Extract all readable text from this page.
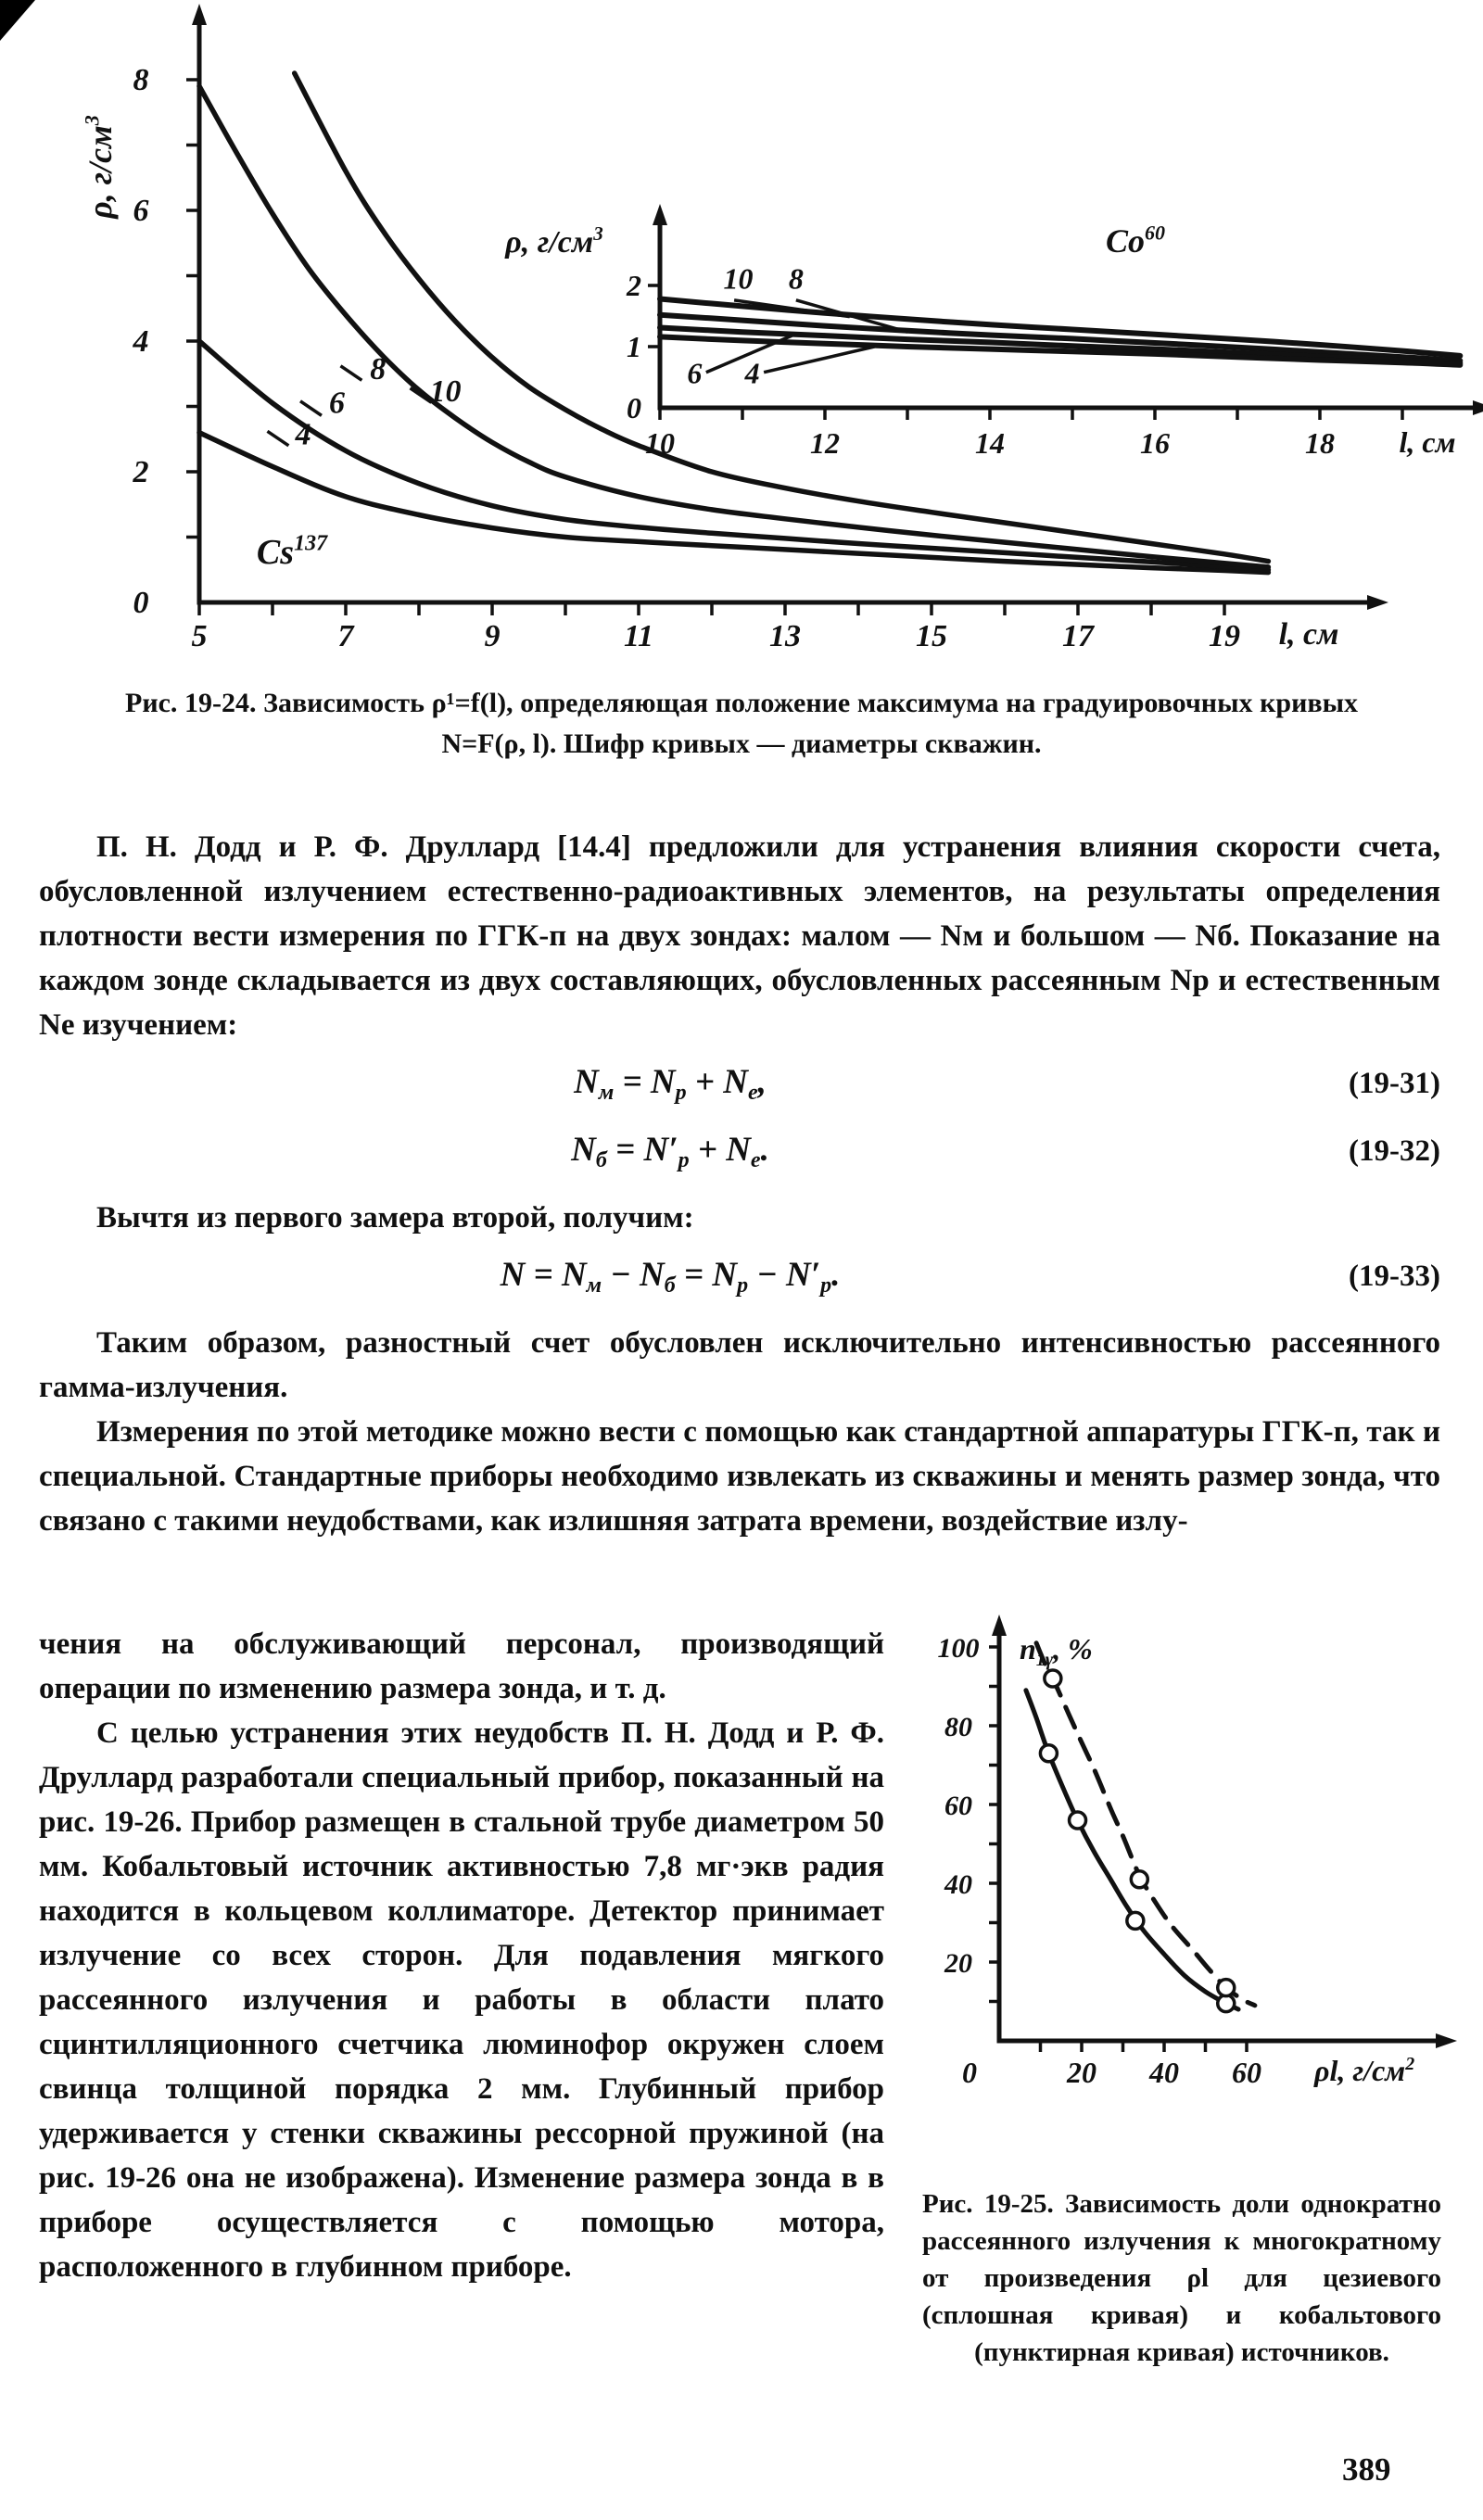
5	7	9	11	13	15	17	19
0
2
4
6
8
l, см
ρ, $г/см^3$
4
6
8
10
Cs$^{137}$
10	12	14	16	18
0
1
2
l, см
ρ, $г/см^3$
10 8
6 4
Co$^{60}$
Рис. 19-24. Зависимость ρ¹=f(l), определяющая положение максимума на градуировочных кривых N=F(ρ, l). Шифр кривых — диаметры скважин.

П. Н. Додд и Р. Ф. Друллард [14.4] предложили для устранения влияния скорости счета, обусловленной излучением естественно-радиоактивных элементов, на результаты определения плотности вести измерения по ГГК-п на двух зондах: малом — Nм и большом — Nб. Показание на каждом зонде складывается из двух составляющих, обусловленных рассеянным Nр и естественным Nе изучением:

$N_м = N_р + N_е$,	(19-31)
$N_б = N'_р + N_е$.	(19-32)

Вычтя из первого замера второй, получим:

$N = N_м - N_б = N_р - N'_р$.	(19-33)

Таким образом, разностный счет обусловлен исключительно интенсивностью рассеянного гамма-излучения.

Измерения по этой методике можно вести с помощью как стандартной аппаратуры ГГК-п, так и специальной. Стандартные приборы необходимо извлекать из скважины и менять размер зонда, что связано с такими неудобствами, как излишняя затрата времени, воздействие излу-

чения на обслуживающий персонал, производящий операции по изменению размера зонда, и т. д.

С целью устранения этих неудобств П. Н. Додд и Р. Ф. Друллард разработали специальный прибор, показанный на рис. 19-26. Прибор размещен в стальной трубе диаметром 50 мм. Кобальтовый источник активностью 7,8 мг·экв радия находится в кольцевом коллиматоре. Детектор принимает излучение со всех сторон. Для подавления мягкого рассеянного излучения и работы в области плато сцинтилляционного счетчика люминофор окружен слоем свинца толщиной порядка 2 мм. Глубинный прибор удерживается у стенки скважины рессорной пружиной (на рис. 19-26 она не изображена). Изменение размера зонда в в приборе осуществляется с помощью мотора, расположенного в глубинном приборе.

20 40 60
0
20
40
60
80
100
ρl, $г/см^2$
$n_{1\gamma}$, %
Рис. 19-25. Зависимость доли однократно рассеянного излучения к многократному от произведения ρl для цезиевого (сплошная кривая) и кобальтового (пунктирная кривая) источников.
389
